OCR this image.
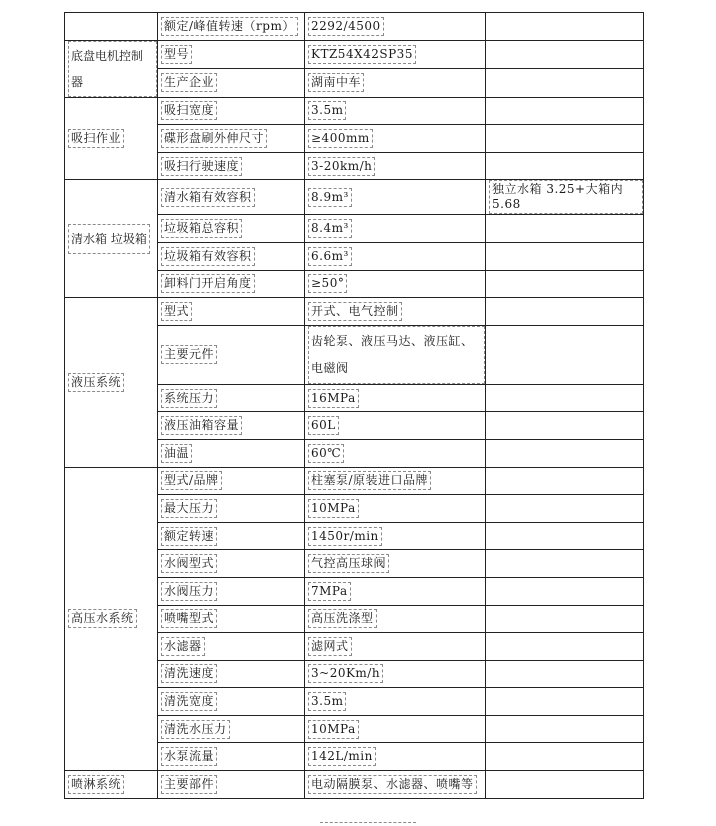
	额定/峰值转速（rpm）	2292/4500	
底盘电机控制器	型号	KTZ54X42SP35	
	生产企业	湖南中车	
吸扫作业	吸扫宽度	3.5m	
	碟形盘刷外伸尺寸	≥400mm	
	吸扫行驶速度	3-20km/h	
清水箱 垃圾箱	清水箱有效容积	8.9m³	独立水箱 3.25+大箱内 5.68
	垃圾箱总容积	8.4m³	
	垃圾箱有效容积	6.6m³	
	卸料门开启角度	≥50°	
液压系统	型式	开式、电气控制	
	主要元件	齿轮泵、液压马达、液压缸、电磁阀	
	系统压力	16MPa	
	液压油箱容量	60L	
	油温	60℃	
高压水系统	型式/品牌	柱塞泵/原装进口品牌	
	最大压力	10MPa	
	额定转速	1450r/min	
	水阀型式	气控高压球阀	
	水阀压力	7MPa	
	喷嘴型式	高压洗涤型	
	水滤器	滤网式	
	清洗速度	3~20Km/h	
	清洗宽度	3.5m	
	清洗水压力	10MPa	
	水泵流量	142L/min	
喷淋系统	主要部件	电动隔膜泵、水滤器、喷嘴等	
